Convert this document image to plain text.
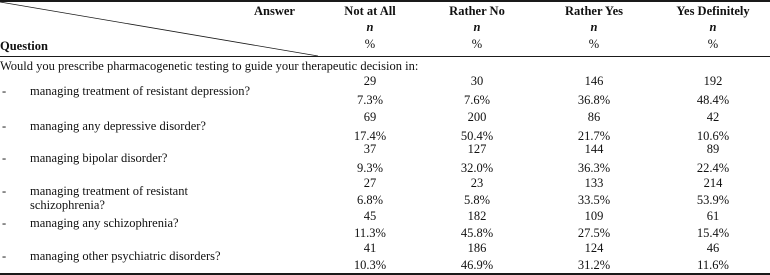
Answer
Question
Not at All	Rather No	Rather Yes	Yes Definitely
n	n	n	n
%	%	%	%
Would you prescribe pharmacogenetic testing to guide your therapeutic decision in:
- managing treatment of resistant depression?
29	30	146	192
7.3%	7.6%	36.8%	48.4%
- managing any depressive disorder?
69	200	86	42
17.4%	50.4%	21.7%	10.6%
- managing bipolar disorder?
37	127	144	89
9.3%	32.0%	36.3%	22.4%
- managing treatment of resistant
schizophrenia?
27	23	133	214
6.8%	5.8%	33.5%	53.9%
- managing any schizophrenia?	45	182	109	61
11.3%	45.8%	27.5%	15.4%
- managing other psychiatric disorders?
41	186	124	46
10.3%	46.9%	31.2%	11.6%
